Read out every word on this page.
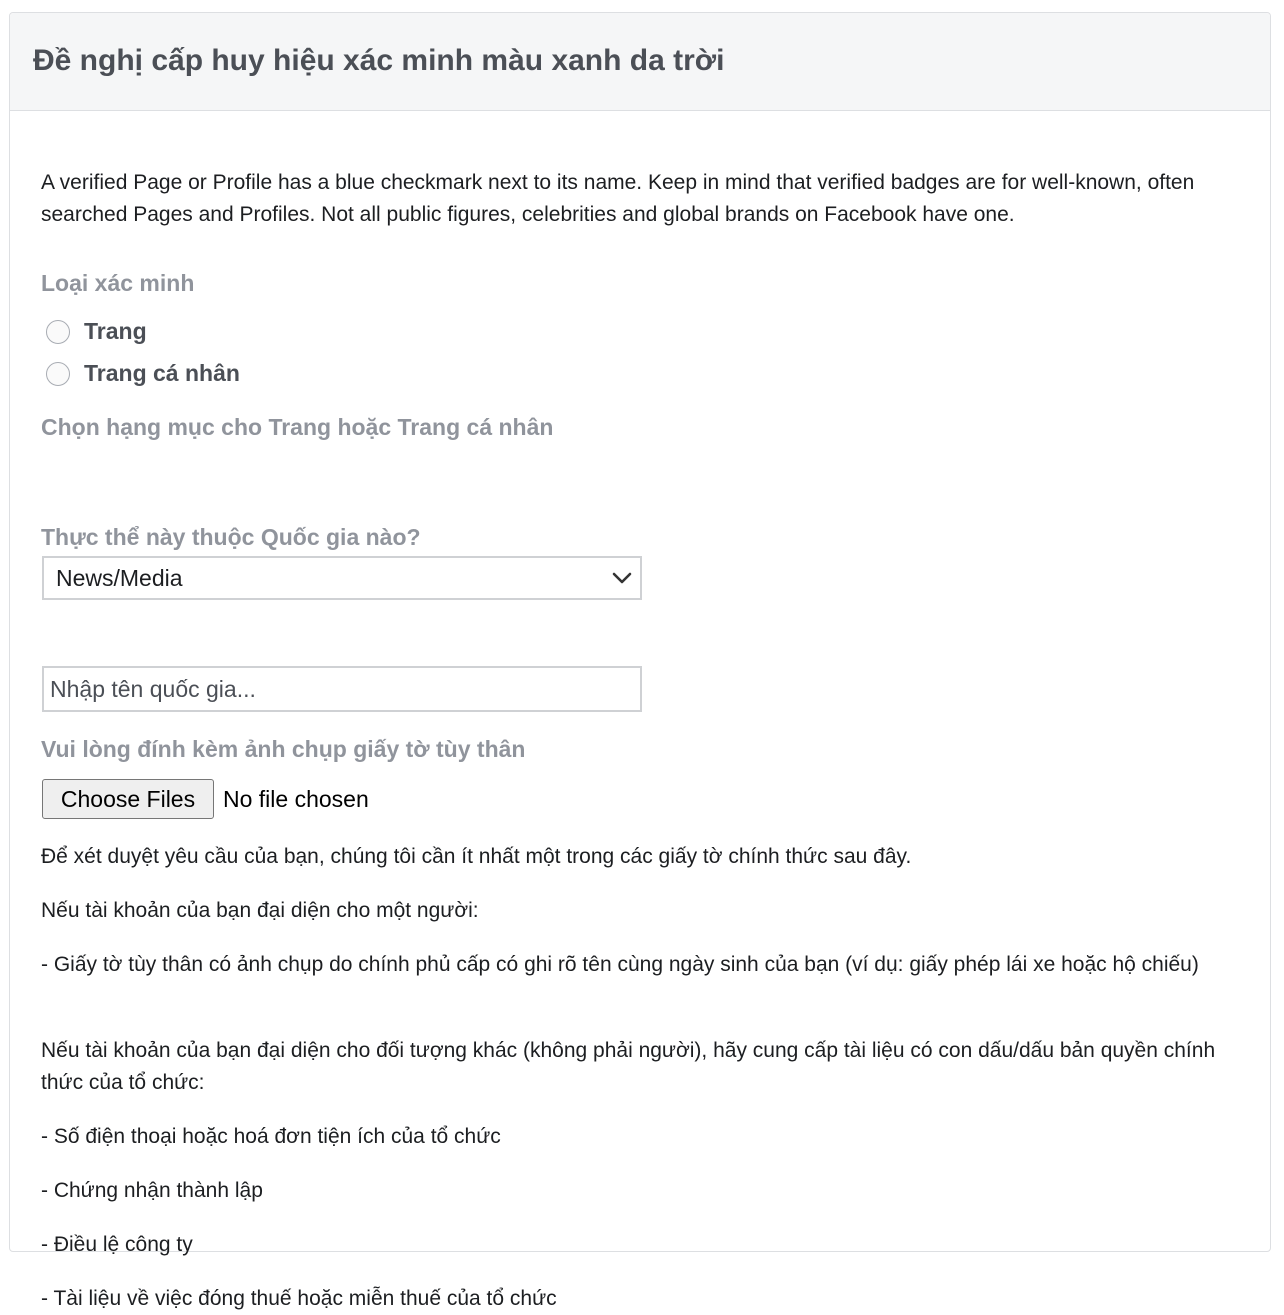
Đề nghị cấp huy hiệu xác minh màu xanh da trời
A verified Page or Profile has a blue checkmark next to its name. Keep in mind that verified badges are for well-known, often searched Pages and Profiles. Not all public figures, celebrities and global brands on Facebook have one.
Loại xác minh
Trang
Trang cá nhân
Chọn hạng mục cho Trang hoặc Trang cá nhân
News/Media
Thực thể này thuộc Quốc gia nào?
Nhập tên quốc gia...
Vui lòng đính kèm ảnh chụp giấy tờ tùy thân
Choose Files	No file chosen

Để xét duyệt yêu cầu của bạn, chúng tôi cần ít nhất một trong các giấy tờ chính thức sau đây.

Nếu tài khoản của bạn đại diện cho một người:

- Giấy tờ tùy thân có ảnh chụp do chính phủ cấp có ghi rõ tên cùng ngày sinh của bạn (ví dụ: giấy phép lái xe hoặc hộ chiếu)

Nếu tài khoản của bạn đại diện cho đối tượng khác (không phải người), hãy cung cấp tài liệu có con dấu/dấu bản quyền chính thức của tổ chức:

- Số điện thoại hoặc hoá đơn tiện ích của tổ chức

- Chứng nhận thành lập

- Điều lệ công ty

- Tài liệu về việc đóng thuế hoặc miễn thuế của tổ chức
